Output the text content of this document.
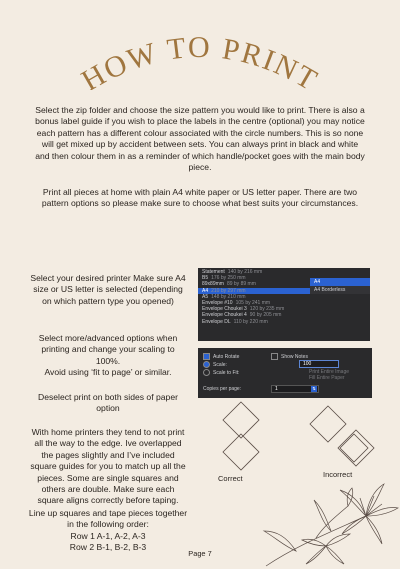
HOW TO PRINT

Select the zip folder and choose the size pattern you would like to print. There is also a bonus label guide if you wish to place the labels in the centre (optional) you may notice each pattern has a different colour associated with the circle numbers. This is so none will get mixed up by accident between sets. You can always print in black and white and then colour them in as a reminder of which handle/pocket goes with the main body piece.

Print all pieces at home with plain A4 white paper or US letter paper. There are two pattern options so please make sure to choose what best suits your circumstances.

Select your desired printer Make sure A4 size or US letter is selected (depending on which pattern type you opened)

Select more/advanced options when printing and change your scaling to 100%.

Avoid using ‘fit to page’ or similar.

Deselect print on both sides of paper option

With home printers they tend to not print all the way to the edge. Ive overlapped the pages slightly and I’ve included square guides for you to match up all the pieces. Some are single squares and others are double. Make sure each square aligns correctly before taping.

Line up squares and tape pieces together in the following order:

Row 1 A-1, A-2, A-3

Row 2 B-1, B-2, B-3

Statement 140 by 216 mm
B5 176 by 250 mm
89x89mm 89 by 89 mm
A4 210 by 297 mm
A5 148 by 210 mm
Envelope #10 105 by 241 mm
Envelope Choukei 3 120 by 235 mm
Envelope Choukei 4 90 by 205 mm
Envelope DL 110 by 220 mm
A4
A4 Borderless
Auto Rotate	Show Notes
Scale:	100
Scale to Fit:	Print Entire Image
Fill Entire Paper
Copies per page:	1	⇅
Correct	Incorrect
Page 7
